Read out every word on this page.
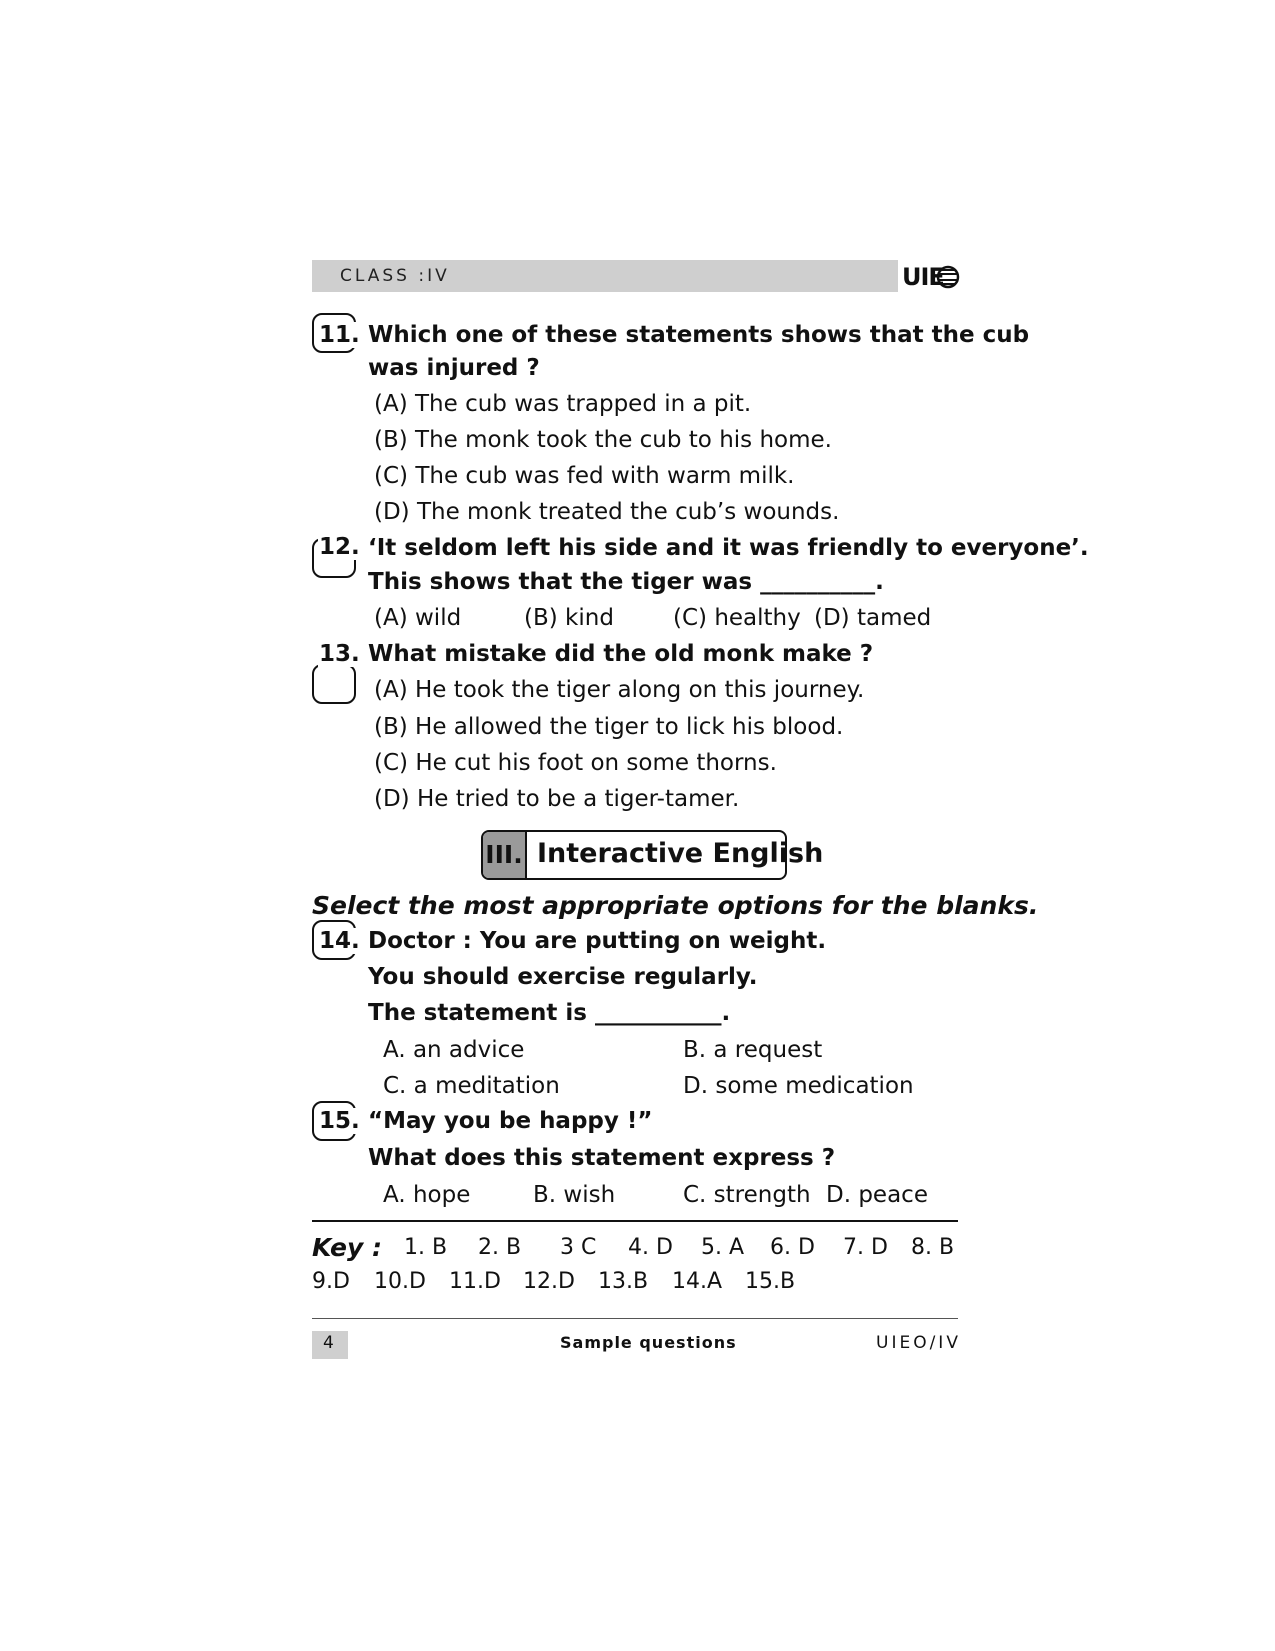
CLASS :IV	UIE
11. Which one of these statements shows that the cub
was injured ?
(A) The cub was trapped in a pit.
(B) The monk took the cub to his home.
(C) The cub was fed with warm milk.
(D) The monk treated the cub’s wounds.
12. ‘It seldom left his side and it was friendly to everyone’.
This shows that the tiger was __________.
(A) wild	(B) kind	(C) healthy (D) tamed
13. What mistake did the old monk make ?
(A) He took the tiger along on this journey.
(B) He allowed the tiger to lick his blood.
(C) He cut his foot on some thorns.
(D) He tried to be a tiger-tamer.
III. Interactive English
Select the most appropriate options for the blanks.
14. Doctor : You are putting on weight.
You should exercise regularly.
The statement is ___________.
A. an advice	B. a request
C. a meditation	D. some medication
15. “May you be happy !”
What does this statement express ?
A. hope	B. wish	C. strength D. peace
Key : 1. B 2. B 3 C 4. D 5. A 6. D 7. D 8. B
9.D 10.D 11.D 12.D 13.B 14.A 15.B
4	Sample questions	UIEO/IV
